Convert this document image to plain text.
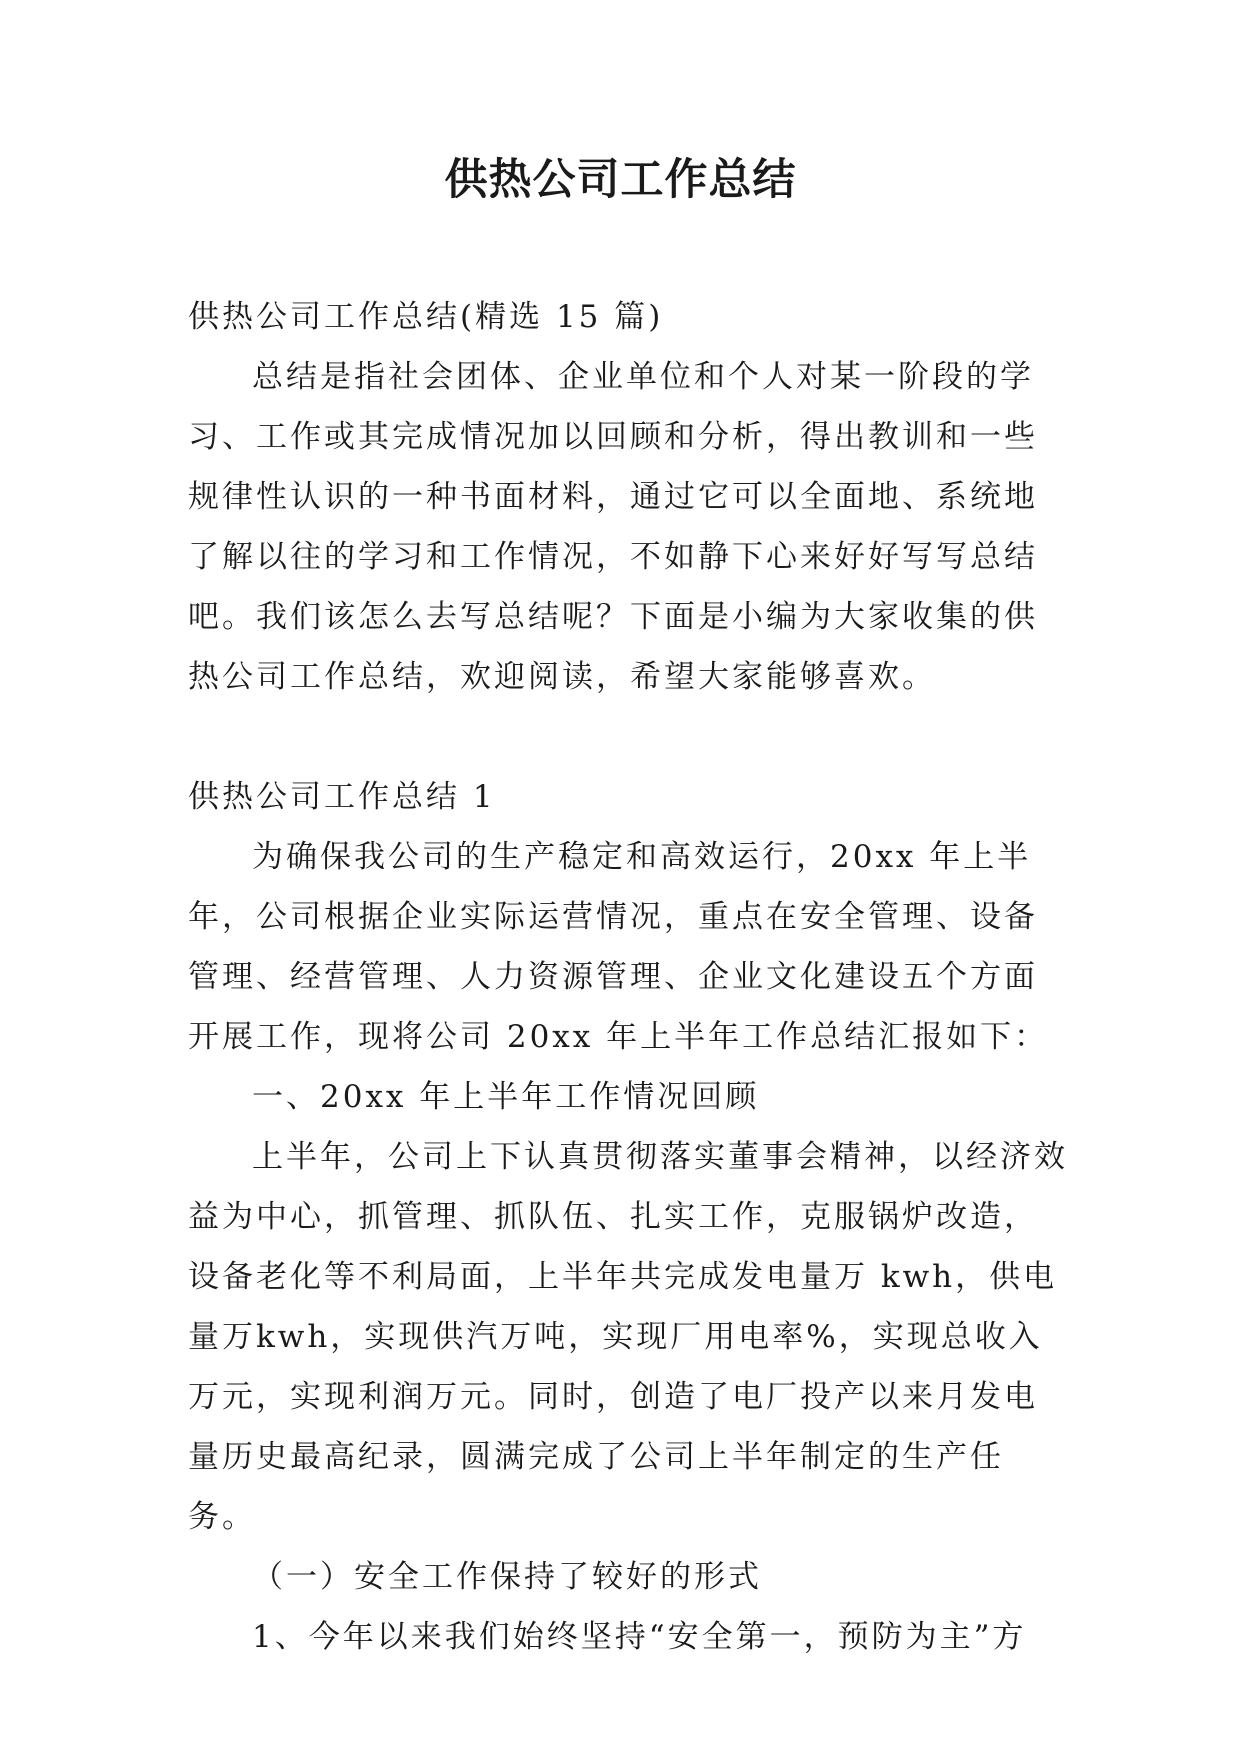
供热公司工作总结

供热公司工作总结(精选 15 篇)

总结是指社会团体、企业单位和个人对某一阶段的学习、工作或其完成情况加以回顾和分析，得出教训和一些规律性认识的一种书面材料，通过它可以全面地、系统地了解以往的学习和工作情况，不如静下心来好好写写总结吧。我们该怎么去写总结呢？下面是小编为大家收集的供热公司工作总结，欢迎阅读，希望大家能够喜欢。

供热公司工作总结 1

为确保我公司的生产稳定和高效运行，20xx 年上半年，公司根据企业实际运营情况，重点在安全管理、设备管理、经营管理、人力资源管理、企业文化建设五个方面开展工作，现将公司 20xx 年上半年工作总结汇报如下：

一、20xx 年上半年工作情况回顾

上半年，公司上下认真贯彻落实董事会精神，以经济效益为中心，抓管理、抓队伍、扎实工作，克服锅炉改造，设备老化等不利局面，上半年共完成发电量万 kwh，供电量万kwh，实现供汽万吨，实现厂用电率%，实现总收入万元，实现利润万元。同时，创造了电厂投产以来月发电量历史最高纪录，圆满完成了公司上半年制定的生产任务。

（一）安全工作保持了较好的形式

1、今年以来我们始终坚持“安全第一，预防为主”方
